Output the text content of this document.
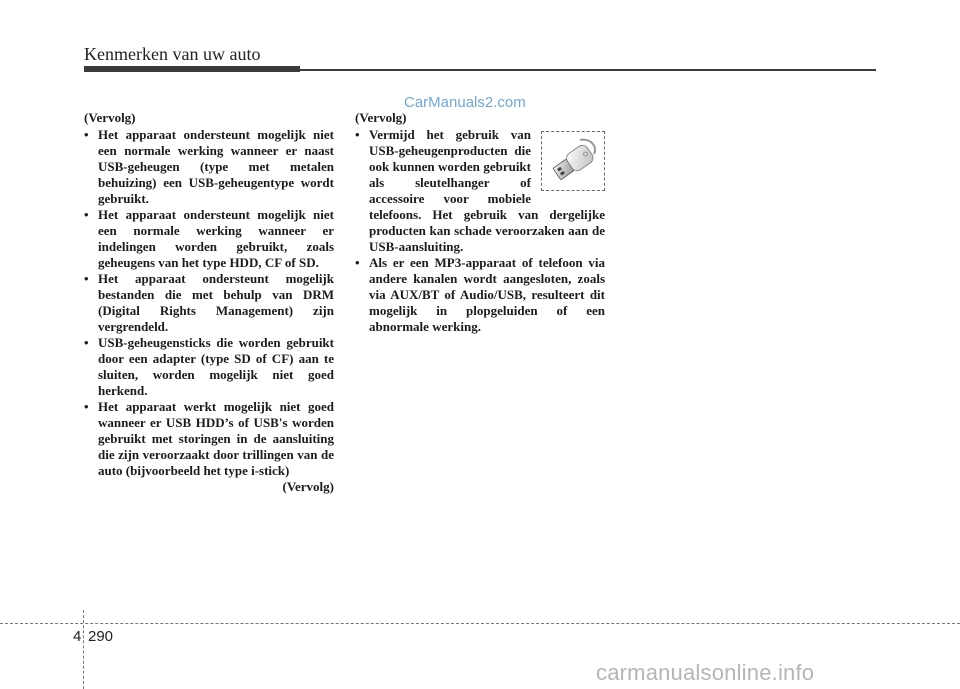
Kenmerken van uw auto
CarManuals2.com
(Vervolg)
• Het apparaat ondersteunt mogelijk niet een normale werking wanneer er naast USB-geheugen (type met metalen behuizing) een USB-geheugentype wordt gebruikt.
• Het apparaat ondersteunt mogelijk niet een normale werking wanneer er indelingen worden gebruikt, zoals geheugens van het type HDD, CF of SD.
• Het apparaat ondersteunt mogelijk bestanden die met behulp van DRM (Digital Rights Management) zijn vergrendeld.
• USB-geheugensticks die worden gebruikt door een adapter (type SD of CF) aan te sluiten, worden mogelijk niet goed herkend.
• Het apparaat werkt mogelijk niet goed wanneer er USB HDD’s of USB's worden gebruikt met storingen in de aansluiting die zijn veroorzaakt door trillingen van de auto (bijvoorbeeld het type i-stick)
(Vervolg)
(Vervolg)
• Vermijd het gebruik van USB-geheugenproducten die ook kunnen worden gebruikt als sleutelhanger of accessoire voor mobiele telefoons. Het gebruik van dergelijke producten kan schade veroorzaken aan de USB-aansluiting.
• Als er een MP3-apparaat of telefoon via andere kanalen wordt aangesloten, zoals via AUX/BT of Audio/USB, resulteert dit mogelijk in plopgeluiden of een abnormale werking.
4 290
carmanualsonline.info
